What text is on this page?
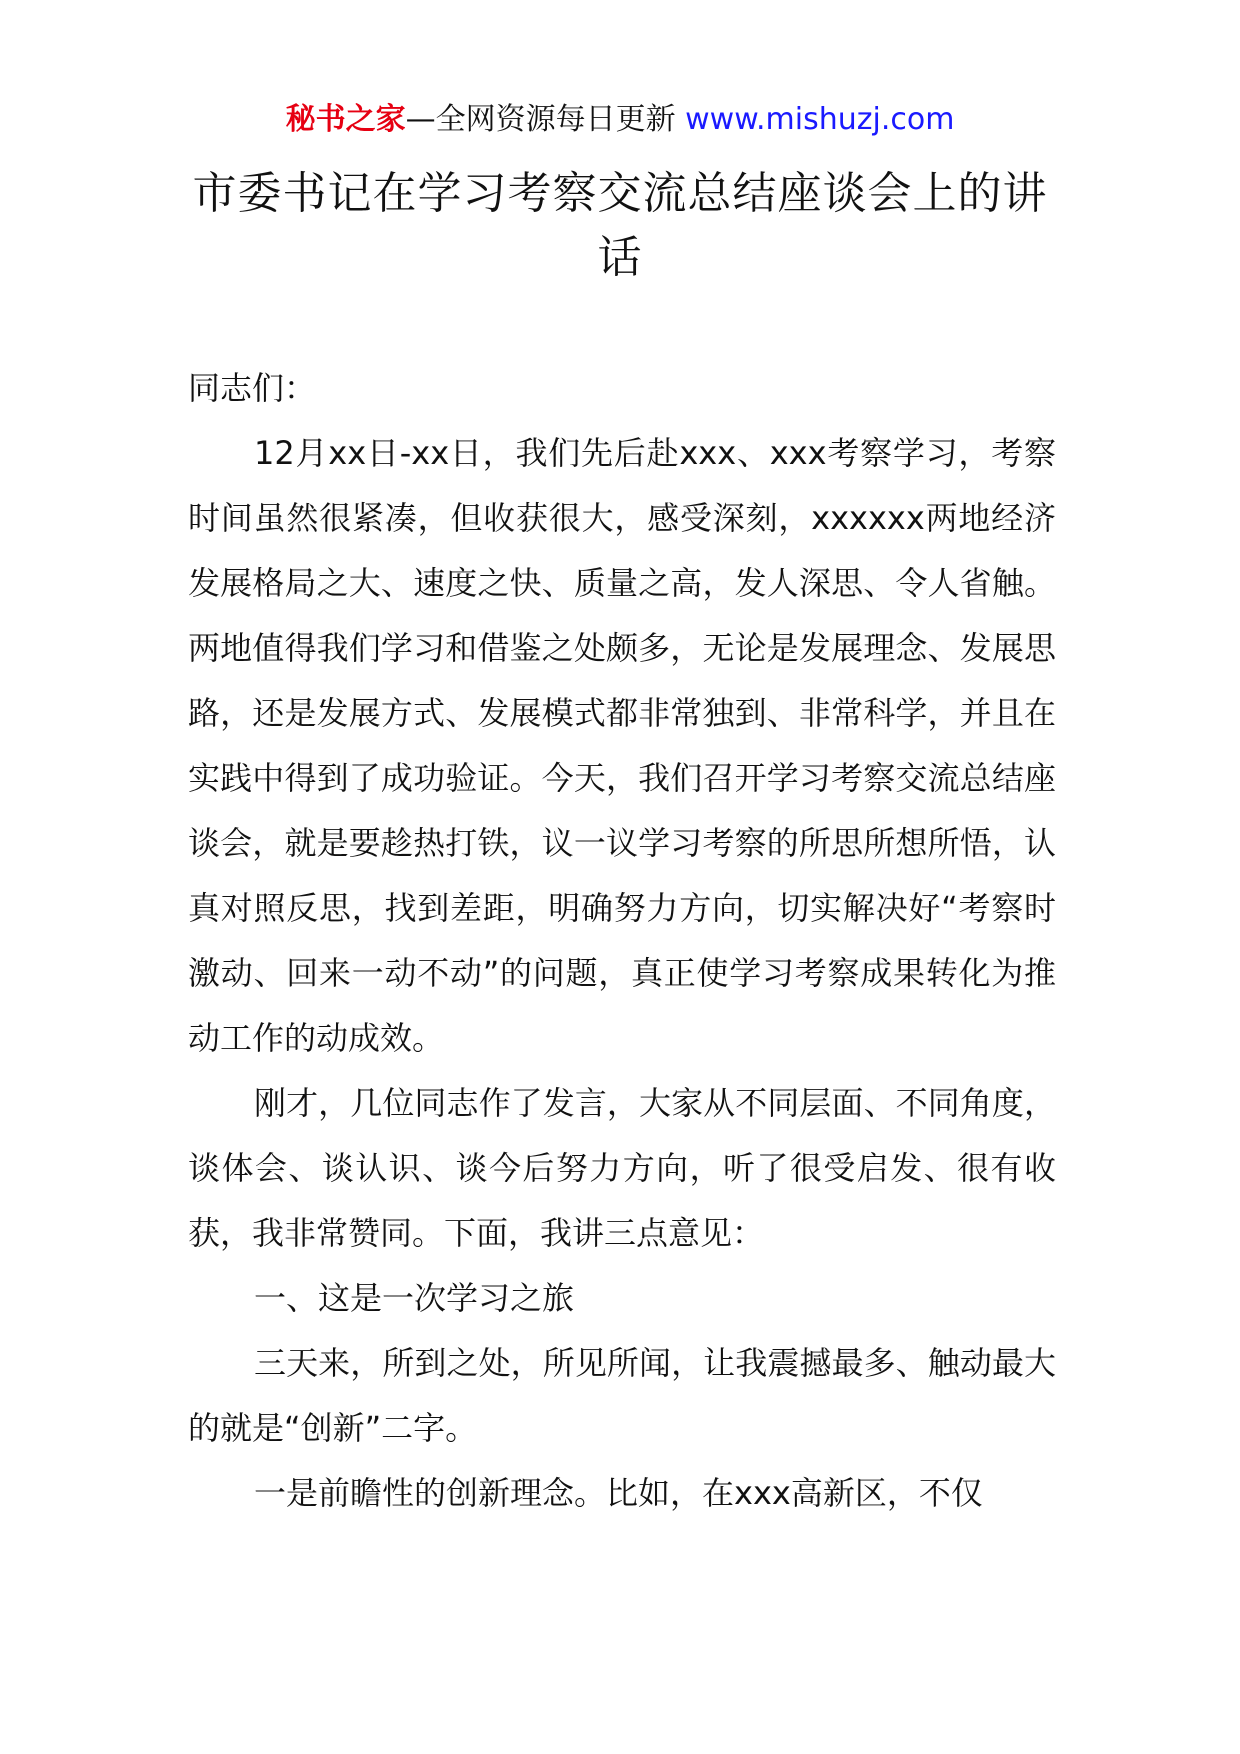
秘书之家—全网资源每日更新 www.mishuzj.com
市委书记在学习考察交流总结座谈会上的讲话

同志们：

12月xx日-xx日，我们先后赴xxx、xxx考察学习，考察时间虽然很紧凑，但收获很大，感受深刻，xxxxxx两地经济发展格局之大、速度之快、质量之高，发人深思、令人省触。两地值得我们学习和借鉴之处颇多，无论是发展理念、发展思路，还是发展方式、发展模式都非常独到、非常科学，并且在实践中得到了成功验证。今天，我们召开学习考察交流总结座谈会，就是要趁热打铁，议一议学习考察的所思所想所悟，认真对照反思，找到差距，明确努力方向，切实解决好“考察时激动、回来一动不动”的问题，真正使学习考察成果转化为推动工作的动成效。

刚才，几位同志作了发言，大家从不同层面、不同角度，谈体会、谈认识、谈今后努力方向，听了很受启发、很有收获，我非常赞同。下面，我讲三点意见：

一、这是一次学习之旅

三天来，所到之处，所见所闻，让我震撼最多、触动最大的就是“创新”二字。

一是前瞻性的创新理念。比如，在xxx高新区，不仅
